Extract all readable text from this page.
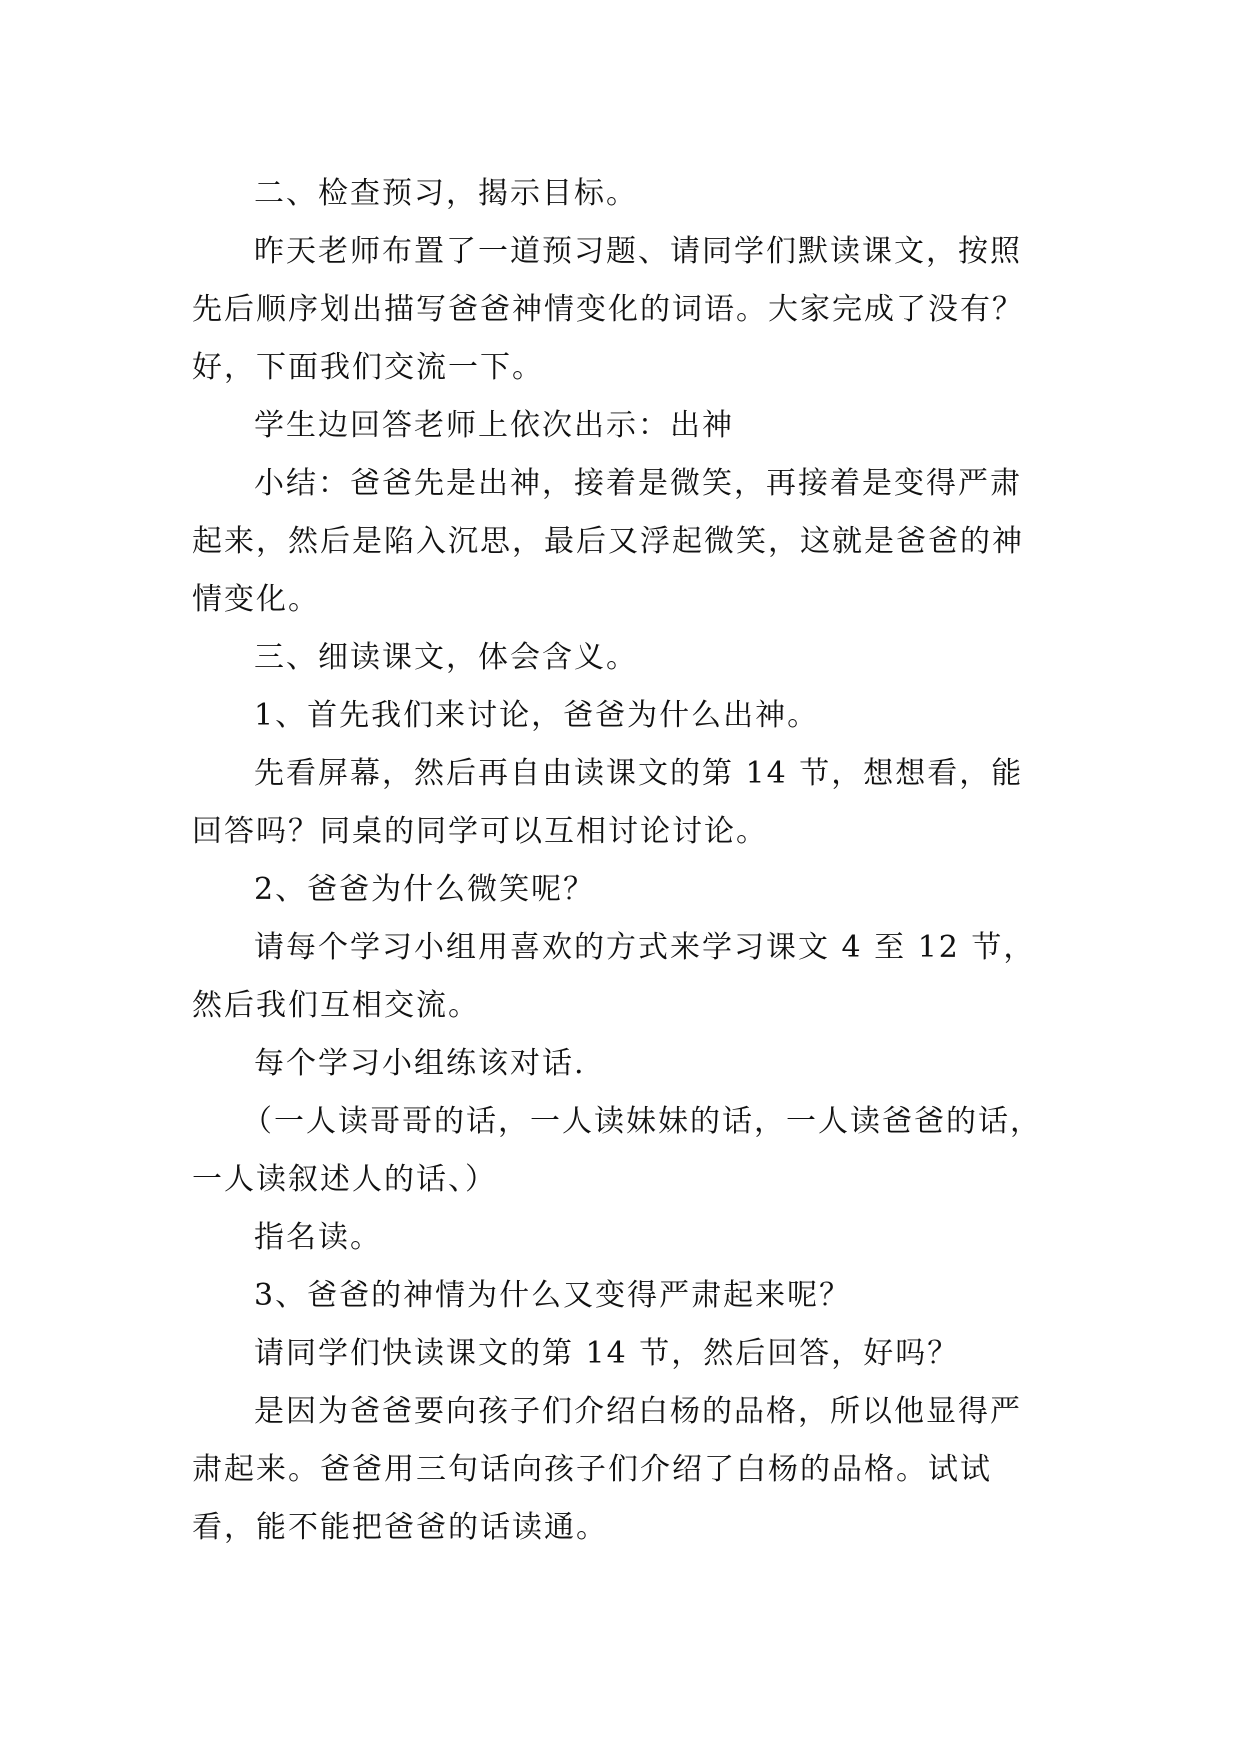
二、检查预习，揭示目标。

昨天老师布置了一道预习题、请同学们默读课文，按照先后顺序划出描写爸爸神情变化的词语。大家完成了没有？好，下面我们交流一下。

学生边回答老师上依次出示：出神

小结：爸爸先是出神，接着是微笑，再接着是变得严肃起来，然后是陷入沉思，最后又浮起微笑，这就是爸爸的神情变化。

三、细读课文，体会含义。

1、首先我们来讨论，爸爸为什么出神。

先看屏幕，然后再自由读课文的第 14 节，想想看，能回答吗？同桌的同学可以互相讨论讨论。

2、爸爸为什么微笑呢？

请每个学习小组用喜欢的方式来学习课文 4 至 12 节，然后我们互相交流。

每个学习小组练该对话.

（一人读哥哥的话，一人读妹妹的话，一人读爸爸的话，一人读叙述人的话、）

指名读。

3、爸爸的神情为什么又变得严肃起来呢？

请同学们快读课文的第 14 节，然后回答，好吗？

是因为爸爸要向孩子们介绍白杨的品格，所以他显得严肃起来。爸爸用三句话向孩子们介绍了白杨的品格。试试看，能不能把爸爸的话读通。
